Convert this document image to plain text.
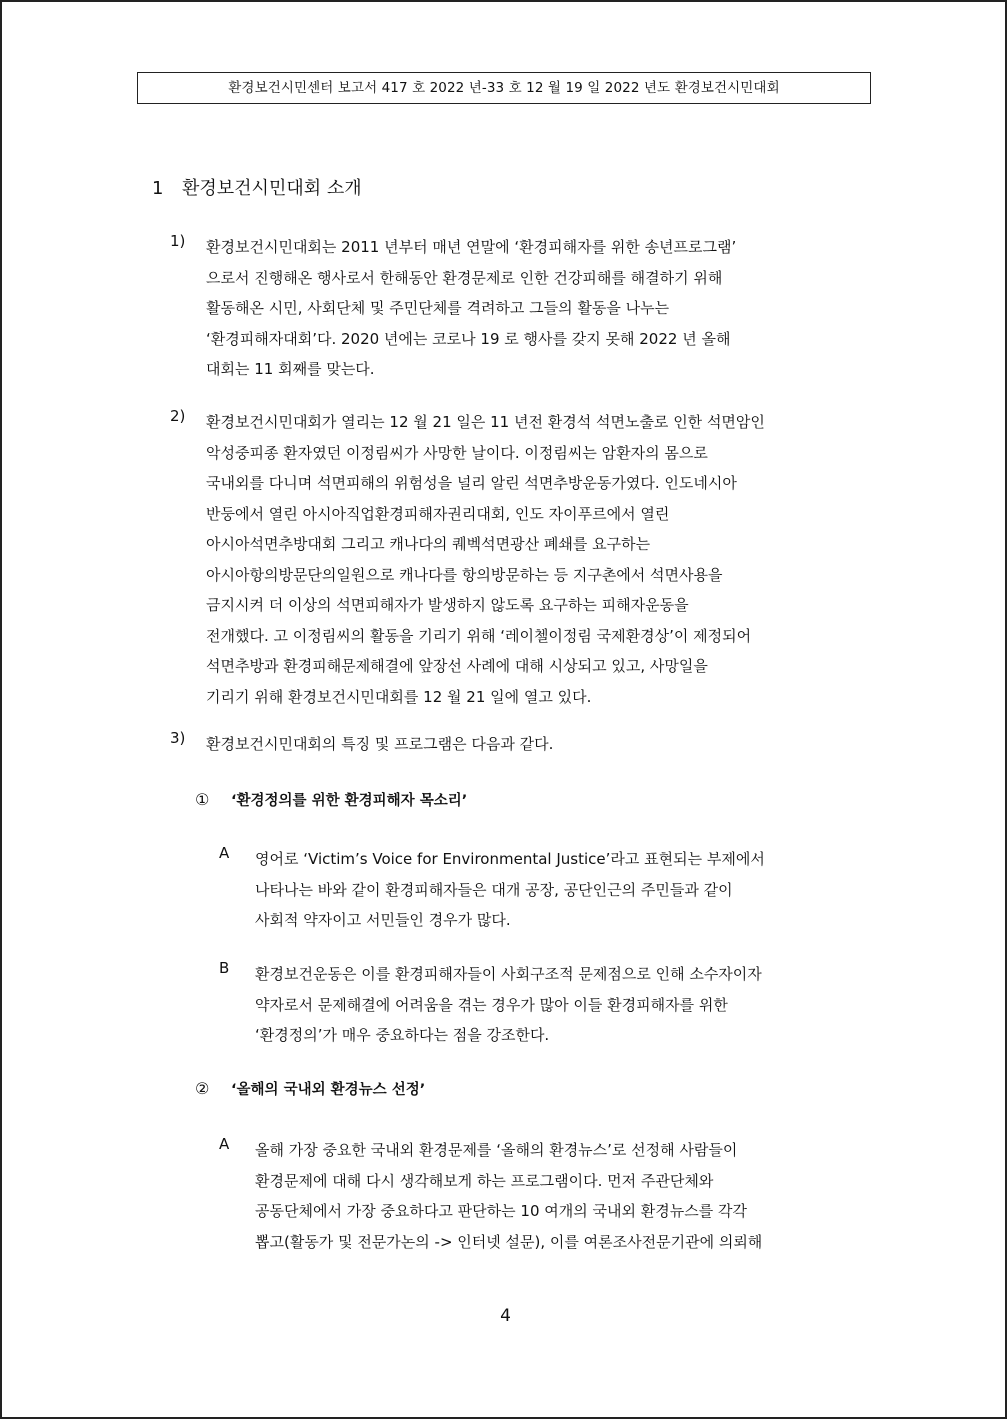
환경보건시민센터 보고서 417 호 2022 년-33 호 12 월 19 일 2022 년도 환경보건시민대회
1 환경보건시민대회 소개
1) 환경보건시민대회는 2011 년부터 매년 연말에 ‘환경피해자를 위한 송년프로그램’
으로서 진행해온 행사로서 한해동안 환경문제로 인한 건강피해를 해결하기 위해
활동해온 시민, 사회단체 및 주민단체를 격려하고 그들의 활동을 나누는
‘환경피해자대회’다. 2020 년에는 코로나 19 로 행사를 갖지 못해 2022 년 올해
대회는 11 회째를 맞는다.
2) 환경보건시민대회가 열리는 12 월 21 일은 11 년전 환경석 석면노출로 인한 석면암인
악성중피종 환자였던 이정림씨가 사망한 날이다. 이정림씨는 암환자의 몸으로
국내외를 다니며 석면피해의 위험성을 널리 알린 석면추방운동가였다. 인도네시아
반둥에서 열린 아시아직업환경피해자권리대회, 인도 자이푸르에서 열린
아시아석면추방대회 그리고 캐나다의 퀘벡석면광산 폐쇄를 요구하는
아시아항의방문단의일원으로 캐나다를 항의방문하는 등 지구촌에서 석면사용을
금지시켜 더 이상의 석면피해자가 발생하지 않도록 요구하는 피해자운동을
전개했다. 고 이정림씨의 활동을 기리기 위해 ‘레이첼이정림 국제환경상’이 제정되어
석면추방과 환경피해문제해결에 앞장선 사례에 대해 시상되고 있고, 사망일을
기리기 위해 환경보건시민대회를 12 월 21 일에 열고 있다.
3) 환경보건시민대회의 특징 및 프로그램은 다음과 같다.
① ‘환경정의를 위한 환경피해자 목소리’
A 영어로 ‘Victim’s Voice for Environmental Justice’라고 표현되는 부제에서
나타나는 바와 같이 환경피해자들은 대개 공장, 공단인근의 주민들과 같이
사회적 약자이고 서민들인 경우가 많다.
B 환경보건운동은 이를 환경피해자들이 사회구조적 문제점으로 인해 소수자이자
약자로서 문제해결에 어려움을 겪는 경우가 많아 이들 환경피해자를 위한
‘환경정의’가 매우 중요하다는 점을 강조한다.
② ‘올해의 국내외 환경뉴스 선정’
A 올해 가장 중요한 국내외 환경문제를 ‘올해의 환경뉴스’로 선정해 사람들이
환경문제에 대해 다시 생각해보게 하는 프로그램이다. 먼저 주관단체와
공동단체에서 가장 중요하다고 판단하는 10 여개의 국내외 환경뉴스를 각각
뽑고(활동가 및 전문가논의 -> 인터넷 설문), 이를 여론조사전문기관에 의뢰해
4
